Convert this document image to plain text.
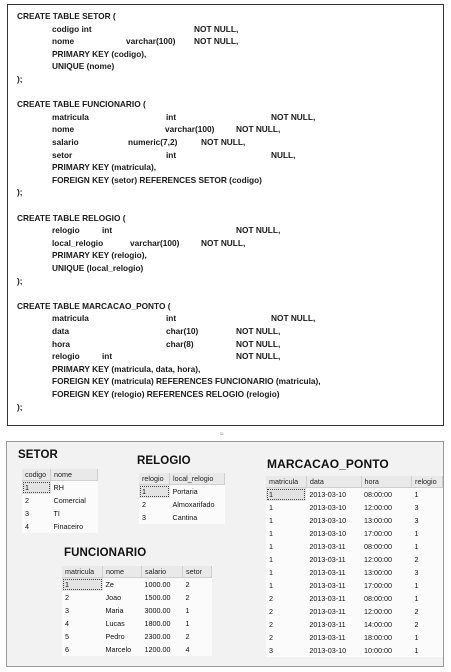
CREATE TABLE SETOR (
codigo int	NOT NULL,
nome	varchar(100) NOT NULL,
PRIMARY KEY (codigo),
UNIQUE (nome)
);
CREATE TABLE FUNCIONARIO (
matricula	int	NOT NULL,
nome	varchar(100)	NOT NULL,
salario	numeric(7,2)	NOT NULL,
setor	int	NULL,
PRIMARY KEY (matricula),
FOREIGN KEY (setor) REFERENCES SETOR (codigo)
);
CREATE TABLE RELOGIO (
relogio	int	NOT NULL,
local_relogio	varchar(100)	NOT NULL,
PRIMARY KEY (relogio),
UNIQUE (local_relogio)
);
CREATE TABLE MARCACAO_PONTO (
matricula	int	NOT NULL,
data	char(10)	NOT NULL,
hora	char(8)	NOT NULL,
relogio	int	NOT NULL,
PRIMARY KEY (matricula, data, hora),
FOREIGN KEY (matricula) REFERENCES FUNCIONARIO (matricula),
FOREIGN KEY (relogio) REFERENCES RELOGIO (relogio)
);
≈
SETOR
codigo	nome
1	RH
2	Comercial
3	TI
4	Finaceiro
RELOGIO
relogio	local_relogio
1	Portaria
2	Almoxarifado
3	Cantina
MARCACAO_PONTO
matricula	data	hora	relogio
1	2013-03-10	08:00:00	1
1	2013-03-10	12:00:00	3
1	2013-03-10	13:00:00	3
1	2013-03-10	17:00:00	1
1	2013-03-11	08:00:00	1
1	2013-03-11	12:00:00	2
1	2013-03-11	13:00:00	3
1	2013-03-11	17:00:00	1
2	2013-03-11	08:00:00	1
2	2013-03-11	12:00:00	2
2	2013-03-11	14:00:00	2
2	2013-03-11	18:00:00	1
3	2013-03-10	10:00:00	1
FUNCIONARIO
matricula	nome	salario	setor
1	Ze	1000.00	2
2	Joao	1500.00	2
3	Maria	3000.00	1
4	Lucas	1800.00	1
5	Pedro	2300.00	2
6	Marcelo	1200.00	4
